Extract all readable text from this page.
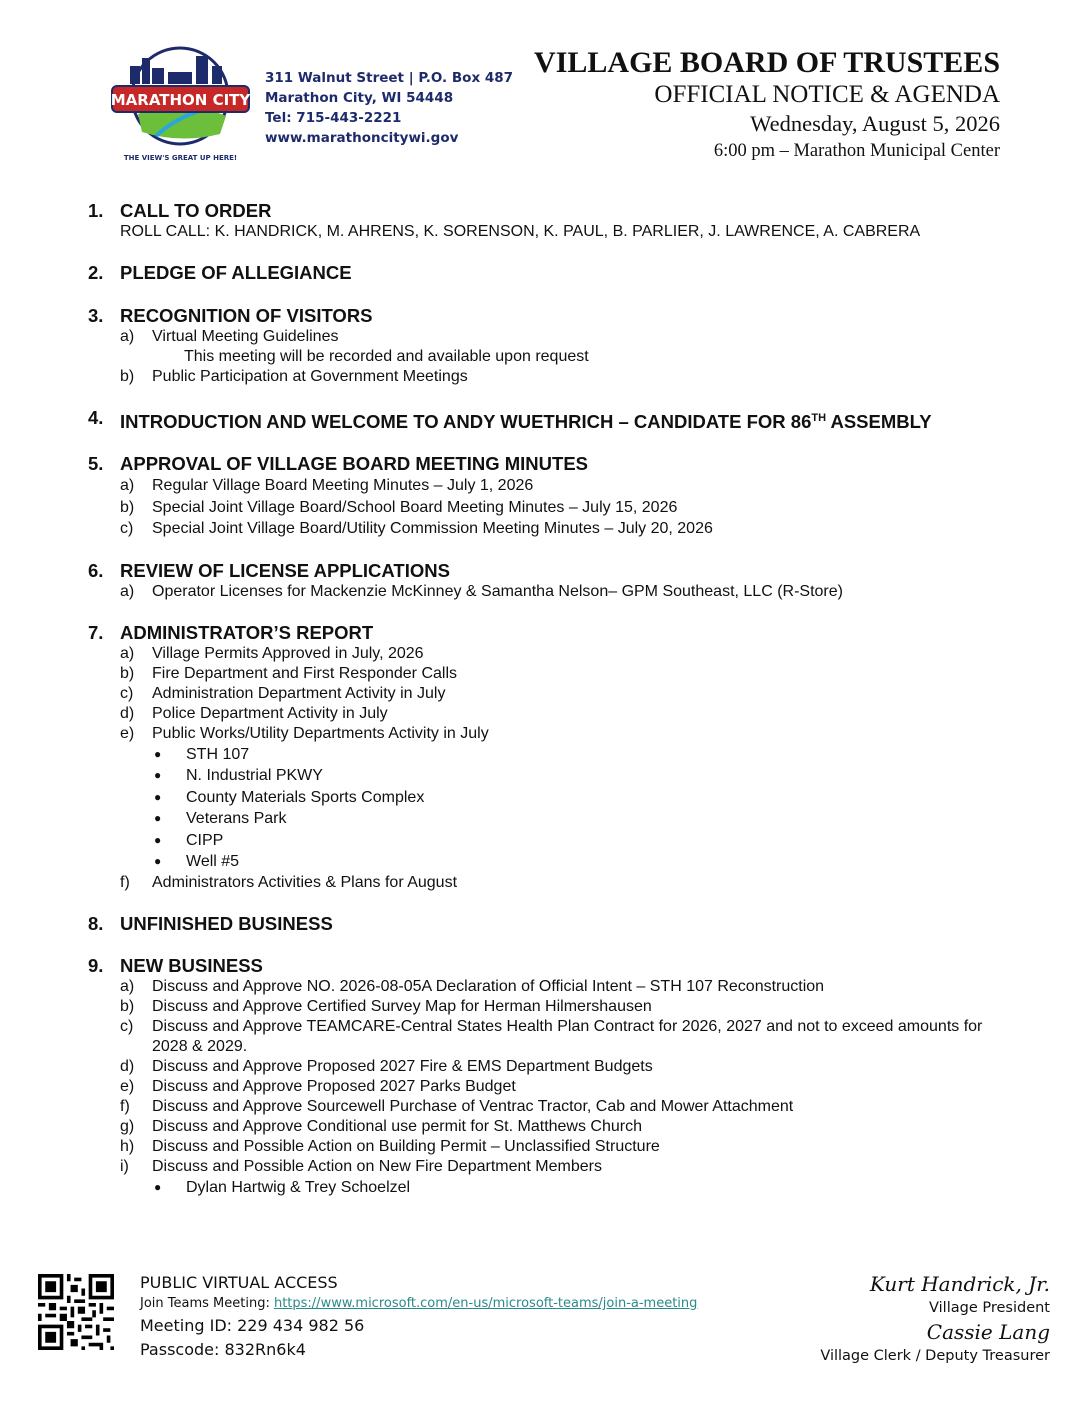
MARATHON CITY
THE VIEW'S GREAT UP HERE!
311 Walnut Street | P.O. Box 487
Marathon City, WI 54448
Tel: 715-443-2221
www.marathoncitywi.gov
VILLAGE BOARD OF TRUSTEES
OFFICIAL NOTICE & AGENDA
Wednesday, August 5, 2026
6:00 pm – Marathon Municipal Center
1. CALL TO ORDER
ROLL CALL: K. HANDRICK, M. AHRENS, K. SORENSON, K. PAUL, B. PARLIER, J. LAWRENCE, A. CABRERA
2. PLEDGE OF ALLEGIANCE
3. RECOGNITION OF VISITORS
a)	Virtual Meeting Guidelines
This meeting will be recorded and available upon request
b)	Public Participation at Government Meetings
4. INTRODUCTION AND WELCOME TO ANDY WUETHRICH – CANDIDATE FOR 86TH ASSEMBLY
5. APPROVAL OF VILLAGE BOARD MEETING MINUTES
a)	Regular Village Board Meeting Minutes – July 1, 2026
b)	Special Joint Village Board/School Board Meeting Minutes – July 15, 2026
c)	Special Joint Village Board/Utility Commission Meeting Minutes – July 20, 2026
6. REVIEW OF LICENSE APPLICATIONS
a)	Operator Licenses for Mackenzie McKinney & Samantha Nelson– GPM Southeast, LLC (R-Store)
7. ADMINISTRATOR’S REPORT
a)	Village Permits Approved in July, 2026
b)	Fire Department and First Responder Calls
c)	Administration Department Activity in July
d)	Police Department Activity in July
e)	Public Works/Utility Departments Activity in July
●	STH 107
●	N. Industrial PKWY
●	County Materials Sports Complex
●	Veterans Park
●	CIPP
●	Well #5
f)	Administrators Activities & Plans for August
8. UNFINISHED BUSINESS
9. NEW BUSINESS
a)	Discuss and Approve NO. 2026-08-05A Declaration of Official Intent – STH 107 Reconstruction
b)	Discuss and Approve Certified Survey Map for Herman Hilmershausen
c)	Discuss and Approve TEAMCARE-Central States Health Plan Contract for 2026, 2027 and not to exceed amounts for 2028 & 2029.
d)	Discuss and Approve Proposed 2027 Fire & EMS Department Budgets
e)	Discuss and Approve Proposed 2027 Parks Budget
f)	Discuss and Approve Sourcewell Purchase of Ventrac Tractor, Cab and Mower Attachment
g)	Discuss and Approve Conditional use permit for St. Matthews Church
h)	Discuss and Possible Action on Building Permit – Unclassified Structure
i)	Discuss and Possible Action on New Fire Department Members
●	Dylan Hartwig & Trey Schoelzel
PUBLIC VIRTUAL ACCESS
Join Teams Meeting: https://www.microsoft.com/en-us/microsoft-teams/join-a-meeting
Meeting ID: 229 434 982 56
Passcode: 832Rn6k4
Kurt Handrick, Jr.
Village President
Cassie Lang
Village Clerk / Deputy Treasurer
